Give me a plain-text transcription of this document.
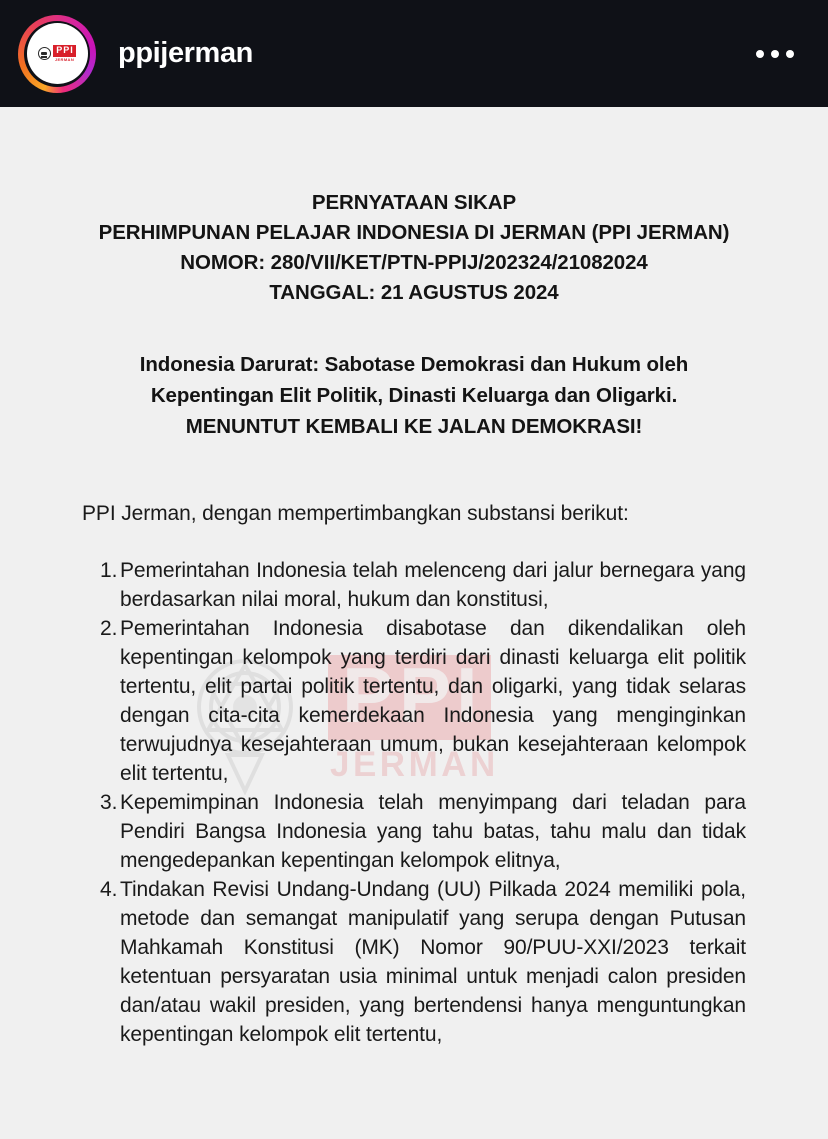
PPI
JERMAN ppijerman
PPI
JERMAN
PERNYATAAN SIKAP
PERHIMPUNAN PELAJAR INDONESIA DI JERMAN (PPI JERMAN)
NOMOR: 280/VII/KET/PTN-PPIJ/202324/21082024
TANGGAL: 21 AGUSTUS 2024
Indonesia Darurat: Sabotase Demokrasi dan Hukum oleh
Kepentingan Elit Politik, Dinasti Keluarga dan Oligarki.
MENUNTUT KEMBALI KE JALAN DEMOKRASI!
PPI Jerman, dengan mempertimbangkan substansi berikut:
1. Pemerintahan Indonesia telah melenceng dari jalur bernegara yang berdasarkan nilai moral, hukum dan konstitusi,
2. Pemerintahan Indonesia disabotase dan dikendalikan oleh kepentingan kelompok yang terdiri dari dinasti keluarga elit politik tertentu, elit partai politik tertentu, dan oligarki, yang tidak selaras dengan cita-cita kemerdekaan Indonesia yang menginginkan terwujudnya kesejahteraan umum, bukan kesejahteraan kelompok elit tertentu,
3. Kepemimpinan Indonesia telah menyimpang dari teladan para Pendiri Bangsa Indonesia yang tahu batas, tahu malu dan tidak mengedepankan kepentingan kelompok elitnya,
4. Tindakan Revisi Undang-Undang (UU) Pilkada 2024 memiliki pola, metode dan semangat manipulatif yang serupa dengan Putusan Mahkamah Konstitusi (MK) Nomor 90/PUU-XXI/2023 terkait ketentuan persyaratan usia minimal untuk menjadi calon presiden dan/atau wakil presiden, yang bertendensi hanya menguntungkan kepentingan kelompok elit tertentu,
